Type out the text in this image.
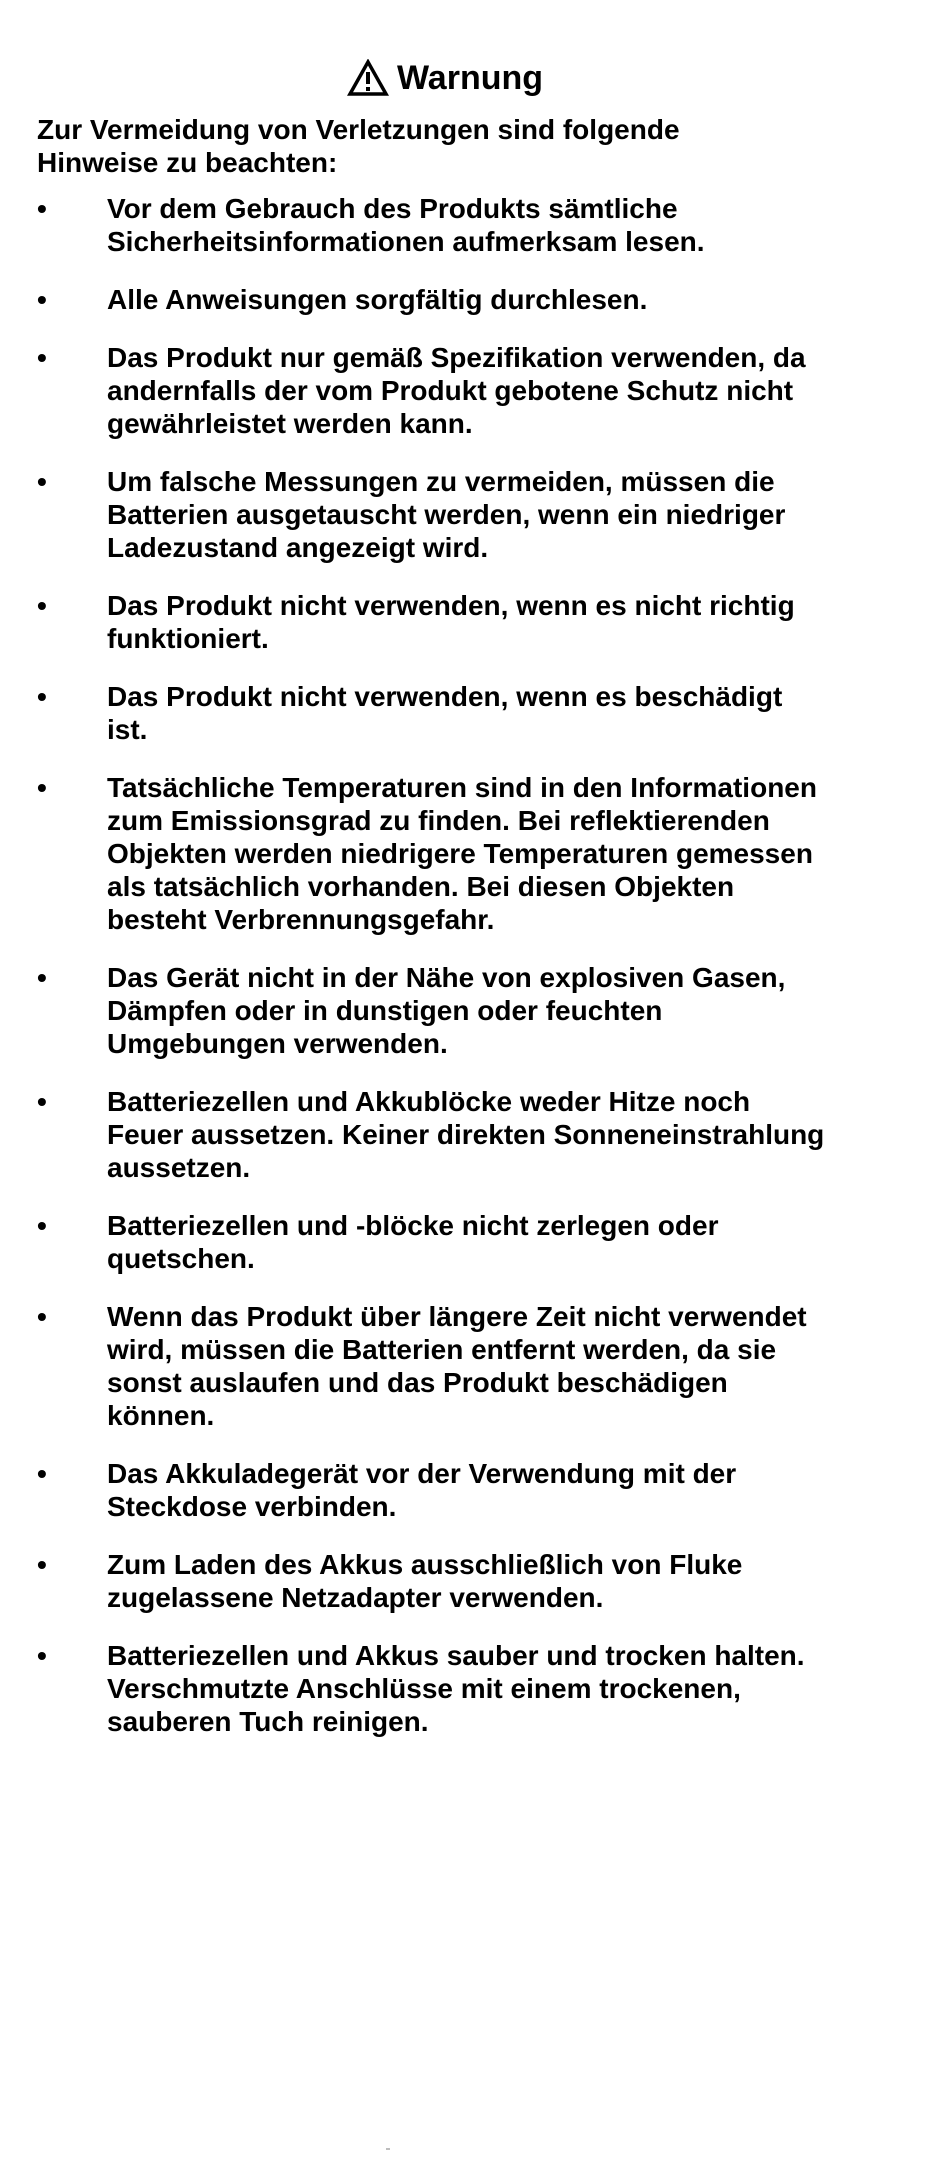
Warnung

Zur Vermeidung von Verletzungen sind folgende Hinweise zu beachten:

•	Vor dem Gebrauch des Produkts sämtliche Sicherheitsinformationen aufmerksam lesen.
•	Alle Anweisungen sorgfältig durchlesen.
•	Das Produkt nur gemäß Spezifikation verwenden, da andernfalls der vom Produkt gebotene Schutz nicht gewährleistet werden kann.
•	Um falsche Messungen zu vermeiden, müssen die Batterien ausgetauscht werden, wenn ein niedriger Ladezustand angezeigt wird.
•	Das Produkt nicht verwenden, wenn es nicht richtig funktioniert.
•	Das Produkt nicht verwenden, wenn es beschädigt ist.
•	Tatsächliche Temperaturen sind in den Informationen zum Emissionsgrad zu finden. Bei reflektierenden Objekten werden niedrigere Temperaturen gemessen als tatsächlich vorhanden. Bei diesen Objekten besteht Verbrennungsgefahr.
•	Das Gerät nicht in der Nähe von explosiven Gasen, Dämpfen oder in dunstigen oder feuchten Umgebungen verwenden.
•	Batteriezellen und Akkublöcke weder Hitze noch Feuer aussetzen. Keiner direkten Sonneneinstrahlung aussetzen.
•	Batteriezellen und -blöcke nicht zerlegen oder quetschen.
•	Wenn das Produkt über längere Zeit nicht verwendet wird, müssen die Batterien entfernt werden, da sie sonst auslaufen und das Produkt beschädigen können.
•	Das Akkuladegerät vor der Verwendung mit der Steckdose verbinden.
•	Zum Laden des Akkus ausschließlich von Fluke zugelassene Netzadapter verwenden.
•	Batteriezellen und Akkus sauber und trocken halten. Verschmutzte Anschlüsse mit einem trockenen, sauberen Tuch reinigen.
